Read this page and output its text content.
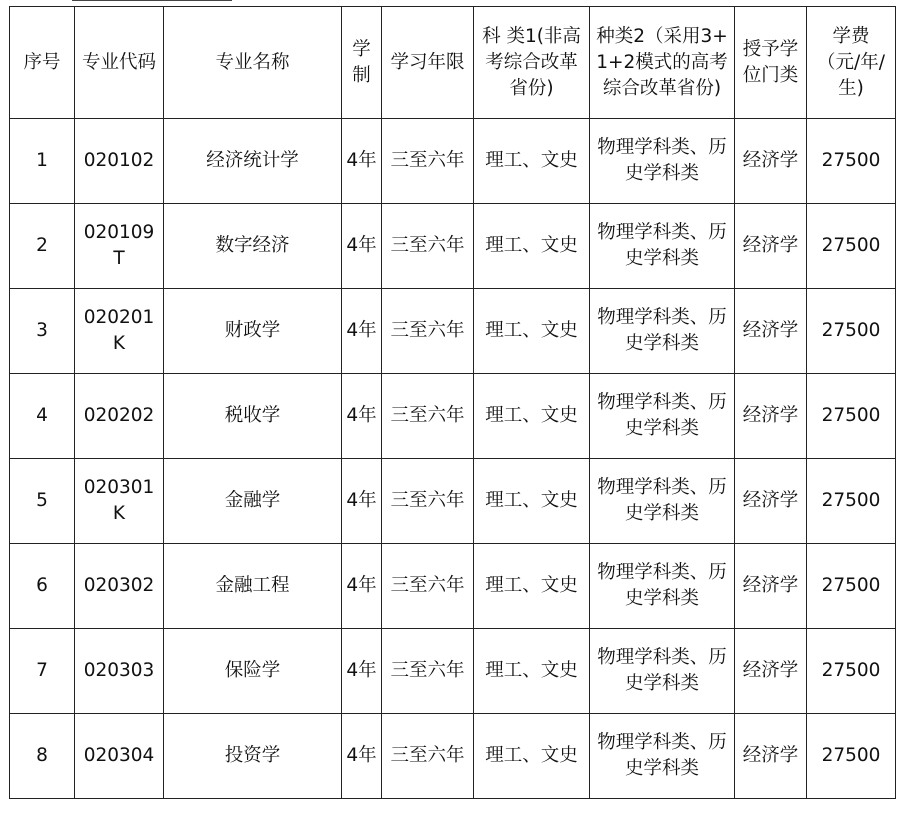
序号	专业代码	专业名称	学制	学习年限	科 类1(非高考综合改革省份)	种类2（采用3+1+2模式的高考综合改革省份)	授予学位门类	学费（元/年/生)
1	020102	经济统计学	4年	三至六年	理工、文史	物理学科类、历史学科类	经济学	27500
2	020109T	数字经济	4年	三至六年	理工、文史	物理学科类、历史学科类	经济学	27500
3	020201K	财政学	4年	三至六年	理工、文史	物理学科类、历史学科类	经济学	27500
4	020202	税收学	4年	三至六年	理工、文史	物理学科类、历史学科类	经济学	27500
5	020301K	金融学	4年	三至六年	理工、文史	物理学科类、历史学科类	经济学	27500
6	020302	金融工程	4年	三至六年	理工、文史	物理学科类、历史学科类	经济学	27500
7	020303	保险学	4年	三至六年	理工、文史	物理学科类、历史学科类	经济学	27500
8	020304	投资学	4年	三至六年	理工、文史	物理学科类、历史学科类	经济学	27500
